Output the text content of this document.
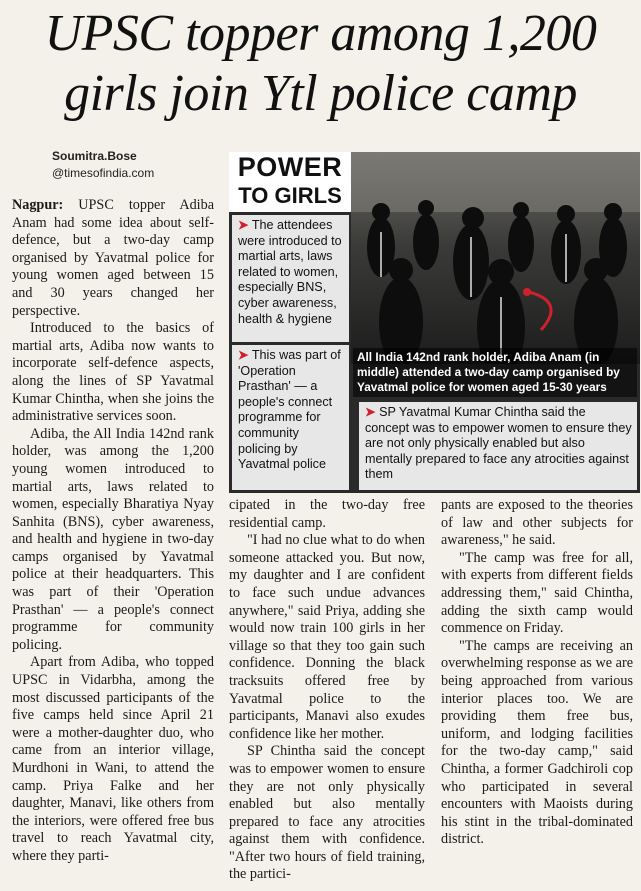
UPSC topper among 1,200
girls join Ytl police camp
Soumitra.Bose
@timesofindia.com	POWER
TO GIRLS
All India 142nd rank holder, Adiba Anam (in middle) attended a two-day camp organised by Yavatmal police for women aged 15-30 years
➤ The attendees were introduced to martial arts, laws related to women, especially BNS, cyber awareness, health & hygiene
➤ This was part of 'Operation Prasthan' — a people's connect programme for community policing by Yavatmal police
➤ SP Yavatmal Kumar Chintha said the concept was to empower women to ensure they are not only physically enabled but also mentally prepared to face any atrocities against them

Nagpur: UPSC topper Adiba Anam had some idea about self-defence, but a two-day camp organised by Yavatmal police for young women aged between 15 and 30 years changed her perspective.

Introduced to the basics of martial arts, Adiba now wants to incorporate self-defence aspects, along the lines of SP Yavatmal Kumar Chintha, when she joins the administrative services soon.

Adiba, the All India 142nd rank holder, was among the 1,200 young women introduced to martial arts, laws related to women, especially Bharatiya Nyay Sanhita (BNS), cyber awareness, and health and hygiene in two-day camps organised by Yavatmal police at their headquarters. This was part of their 'Operation Prasthan' — a people's connect programme for community policing.

Apart from Adiba, who topped UPSC in Vidarbha, among the most discussed participants of the five camps held since April 21 were a mother-daughter duo, who came from an interior village, Murdhoni in Wani, to attend the camp. Priya Falke and her daughter, Manavi, like others from the interiors, were offered free bus travel to reach Yavatmal city, where they parti-

cipated in the two-day free residential camp.

"I had no clue what to do when someone attacked you. But now, my daughter and I are confident to face such undue advances anywhere," said Priya, adding she would now train 100 girls in her village so that they too gain such confidence. Donning the black tracksuits offered free by Yavatmal police to the participants, Manavi also exudes confidence like her mother.

SP Chintha said the concept was to empower women to ensure they are not only physically enabled but also mentally prepared to face any atrocities against them with confidence. "After two hours of field training, the partici-

pants are exposed to the theories of law and other subjects for awareness," he said.

"The camp was free for all, with experts from different fields addressing them," said Chintha, adding the sixth camp would commence on Friday.

"The camps are receiving an overwhelming response as we are being approached from various interior places too. We are providing them free bus, uniform, and lodging facilities for the two-day camp," said Chintha, a former Gadchiroli cop who participated in several encounters with Maoists during his stint in the tribal-dominated district.
